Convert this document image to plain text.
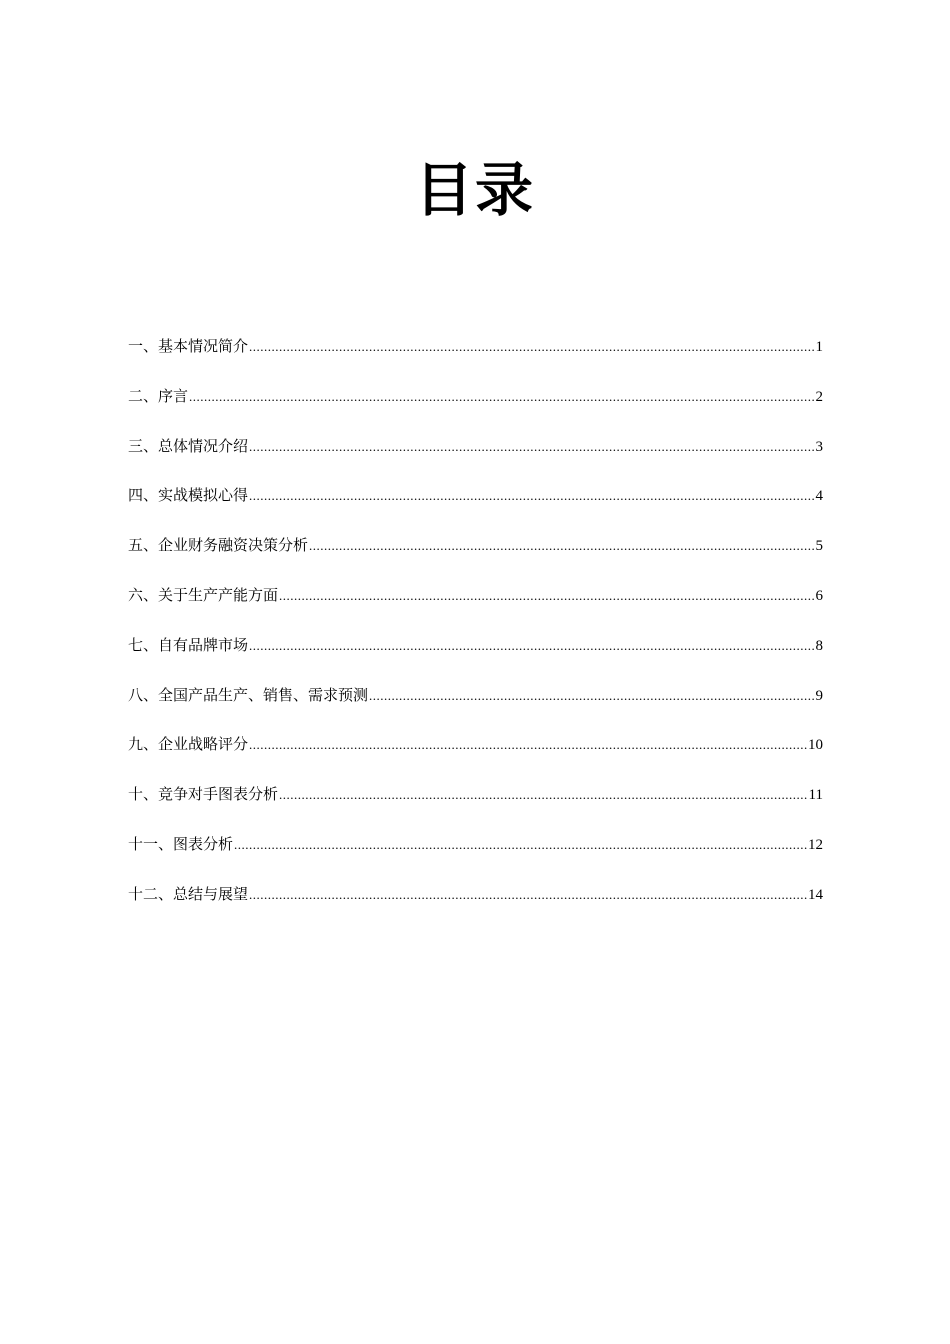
目录
一、基本情况简介 .....	1
二、序言 .....	2
三、总体情况介绍 .....	3
四、实战模拟心得 .....	4
五、企业财务融资决策分析 .....	5
六、关于生产产能方面 .....	6
七、自有品牌市场 .....	8
八、全国产品生产、销售、需求预测 .....	9
九、企业战略评分 .....	10
十、竞争对手图表分析 .....	11
十一、图表分析 .....	12
十二、总结与展望 .....	14
